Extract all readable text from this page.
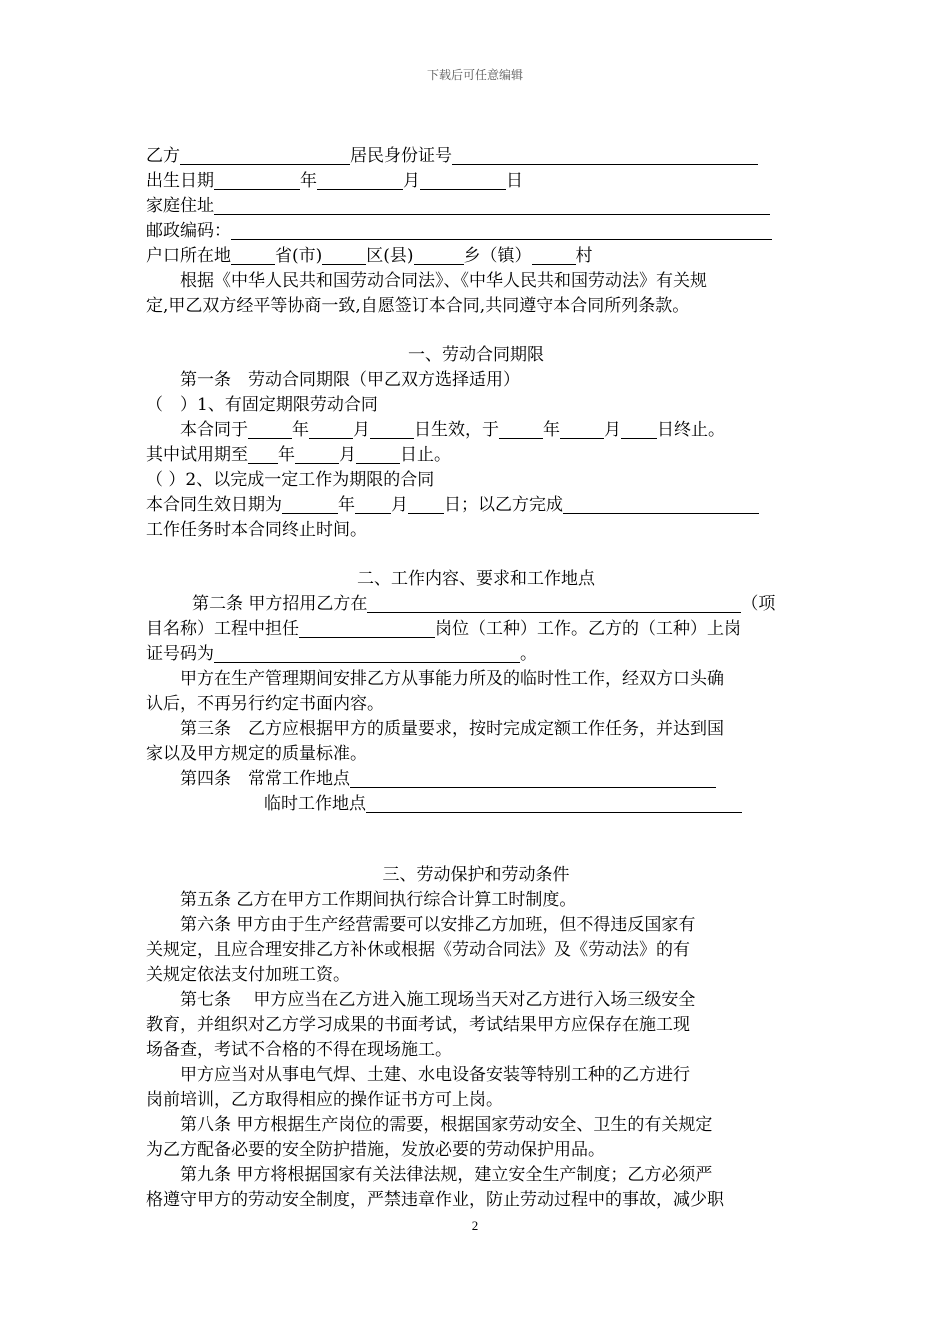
下载后可任意编辑
乙方	居民身份证号
出生日期	年	月	日
家庭住址
邮政编码：
户口所在地	省(市)	区(县)	乡（镇）	村
根据《中华人民共和国劳动合同法》、《中华人民共和国劳动法》有关规
定,甲乙双方经平等协商一致,自愿签订本合同,共同遵守本合同所列条款。
一、劳动合同期限
第一条　劳动合同期限（甲乙双方选择适用）
（　）1、有固定期限劳动合同
本合同于	年	月	日生效，于	年	月 日终止。
其中试用期至 年	月	日止。
（ ）2、以完成一定工作为期限的合同
本合同生效日期为	年 月 日；以乙方完成
工作任务时本合同终止时间。
二、工作内容、要求和工作地点
第二条 甲方招用乙方在	（项
目名称）工程中担任	岗位（工种）工作。乙方的（工种）上岗
证号码为	。
甲方在生产管理期间安排乙方从事能力所及的临时性工作，经双方口头确
认后，不再另行约定书面内容。
第三条　乙方应根据甲方的质量要求，按时完成定额工作任务，并达到国
家以及甲方规定的质量标准。
第四条　常常工作地点
临时工作地点
三、劳动保护和劳动条件
第五条 乙方在甲方工作期间执行综合计算工时制度。
第六条 甲方由于生产经营需要可以安排乙方加班，但不得违反国家有
关规定，且应合理安排乙方补休或根据《劳动合同法》及《劳动法》的有
关规定依法支付加班工资。
第七条　 甲方应当在乙方进入施工现场当天对乙方进行入场三级安全
教育，并组织对乙方学习成果的书面考试，考试结果甲方应保存在施工现
场备查，考试不合格的不得在现场施工。
甲方应当对从事电气焊、土建、水电设备安装等特别工种的乙方进行
岗前培训，乙方取得相应的操作证书方可上岗。
第八条 甲方根据生产岗位的需要，根据国家劳动安全、卫生的有关规定
为乙方配备必要的安全防护措施，发放必要的劳动保护用品。
第九条 甲方将根据国家有关法律法规，建立安全生产制度；乙方必须严
格遵守甲方的劳动安全制度，严禁违章作业，防止劳动过程中的事故，减少职
2
